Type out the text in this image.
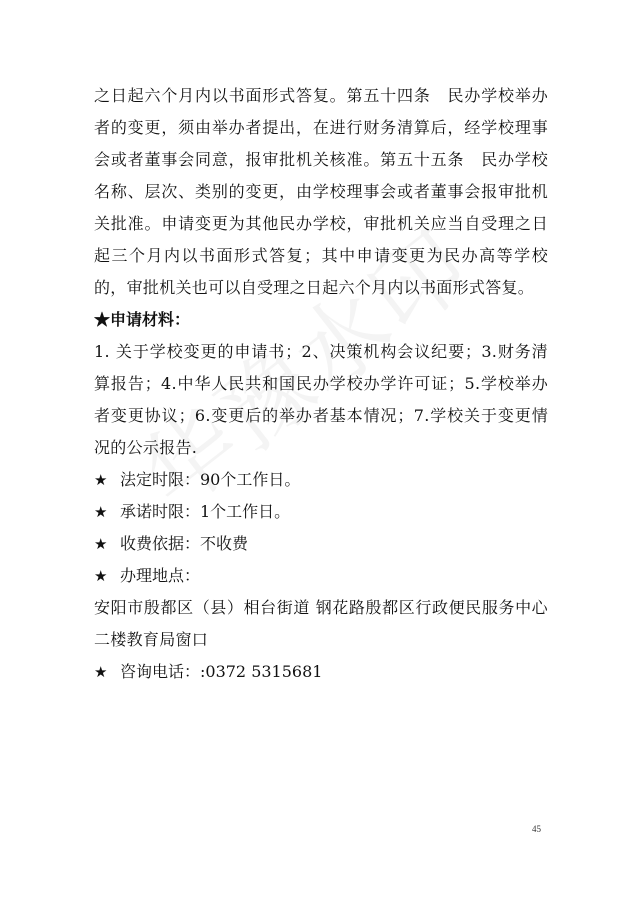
之日起六个月内以书面形式答复。第五十四条　民办学校举办者的变更，须由举办者提出，在进行财务清算后，经学校理事会或者董事会同意，报审批机关核准。第五十五条　民办学校名称、层次、类别的变更，由学校理事会或者董事会报审批机关批准。申请变更为其他民办学校，审批机关应当自受理之日起三个月内以书面形式答复；其中申请变更为民办高等学校的，审批机关也可以自受理之日起六个月内以书面形式答复。

★申请材料：

1. 关于学校变更的申请书；2、决策机构会议纪要；3.财务清算报告；4.中华人民共和国民办学校办学许可证；5.学校举办者变更协议；6.变更后的举办者基本情况；7.学校关于变更情况的公示报告.

★ 法定时限：90个工作日。

★ 承诺时限：1个工作日。

★ 收费依据：不收费

★ 办理地点：

安阳市殷都区（县）相台街道 钢花路殷都区行政便民服务中心二楼教育局窗口

★ 咨询电话：:0372 5315681

45
